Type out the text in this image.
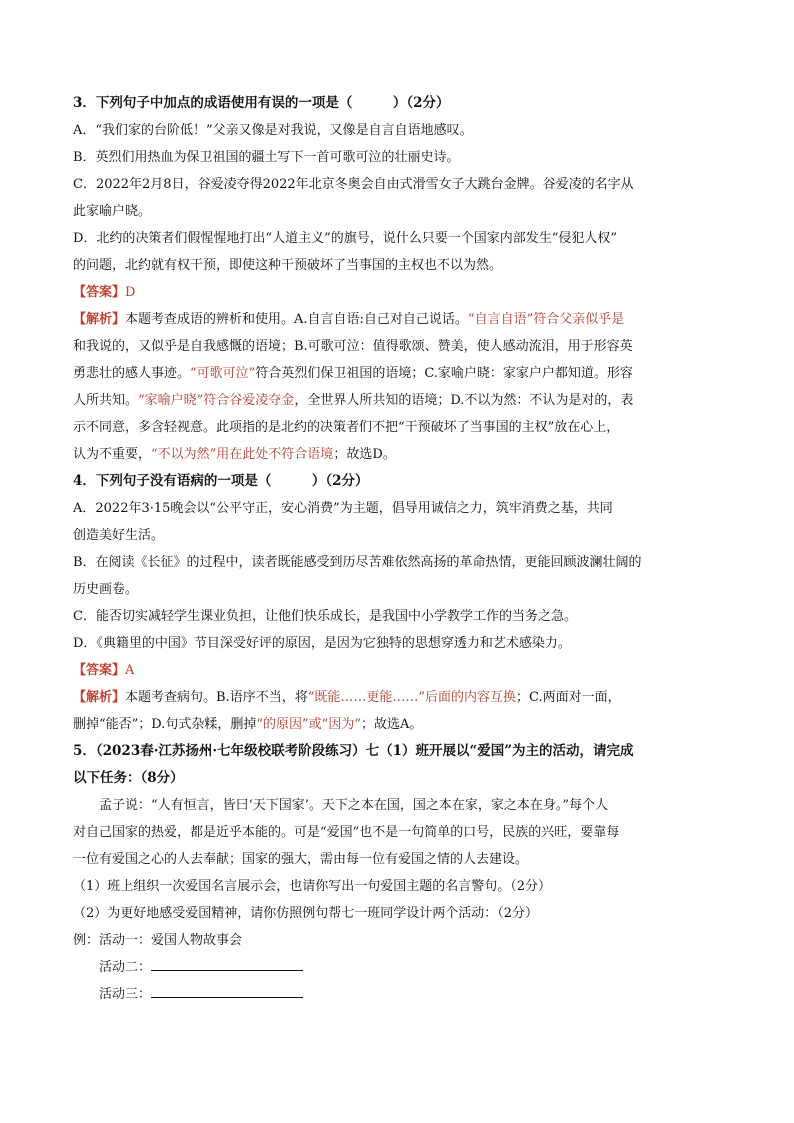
3．下列句子中加点的成语使用有误的一项是（　　　）（2分）
A．“我们家的台阶低！”父亲又像是对我说，又像是自言自语地感叹。
B．英烈们用热血为保卫祖国的疆土写下一首可歌可泣的壮丽史诗。
C．2022年2月8日，谷爱凌夺得2022年北京冬奥会自由式滑雪女子大跳台金牌。谷爱凌的名字从
此家喻户晓。
D．北约的决策者们假惺惺地打出“人道主义”的旗号，说什么只要一个国家内部发生“侵犯人权”
的问题，北约就有权干预，即使这种干预破坏了当事国的主权也不以为然。
【答案】D
【解析】本题考查成语的辨析和使用。A.自言自语:自己对自己说话。“自言自语”符合父亲似乎是
和我说的，又似乎是自我感慨的语境；B.可歌可泣：值得歌颂、赞美，使人感动流泪，用于形容英
勇悲壮的感人事迹。“可歌可泣”符合英烈们保卫祖国的语境；C.家喻户晓：家家户户都知道。形容
人所共知。“家喻户晓”符合谷爱凌夺金，全世界人所共知的语境；D.不以为然：不认为是对的，表
示不同意，多含轻视意。此项指的是北约的决策者们不把“干预破坏了当事国的主权”放在心上，
认为不重要，“不以为然”用在此处不符合语境；故选D。
4．下列句子没有语病的一项是（　　　）（2分）
A．2022年3·15晚会以“公平守正，安心消费”为主题，倡导用诚信之力，筑牢消费之基，共同
创造美好生活。
B．在阅读《长征》的过程中，读者既能感受到历尽苦难依然高扬的革命热情，更能回顾波澜壮阔的
历史画卷。
C．能否切实减轻学生课业负担，让他们快乐成长，是我国中小学教学工作的当务之急。
D．《典籍里的中国》节目深受好评的原因，是因为它独特的思想穿透力和艺术感染力。
【答案】A
【解析】本题考查病句。B.语序不当，将“既能……更能……”后面的内容互换；C.两面对一面，
删掉“能否”；D.句式杂糅，删掉“的原因”或“因为”；故选A。
5．（2023春·江苏扬州·七年级校联考阶段练习）七（1）班开展以“爱国”为主的活动，请完成
以下任务：（8分）
孟子说：“人有恒言，皆曰‘天下国家’。天下之本在国，国之本在家，家之本在身。”每个人
对自己国家的热爱，都是近乎本能的。可是“爱国”也不是一句简单的口号，民族的兴旺，要靠每
一位有爱国之心的人去奉献；国家的强大，需由每一位有爱国之情的人去建设。
（1）班上组织一次爱国名言展示会，也请你写出一句爱国主题的名言警句。（2分）
（2）为更好地感受爱国精神，请你仿照例句帮七一班同学设计两个活动：（2分）
例：活动一：爱国人物故事会
活动二：
活动三：
